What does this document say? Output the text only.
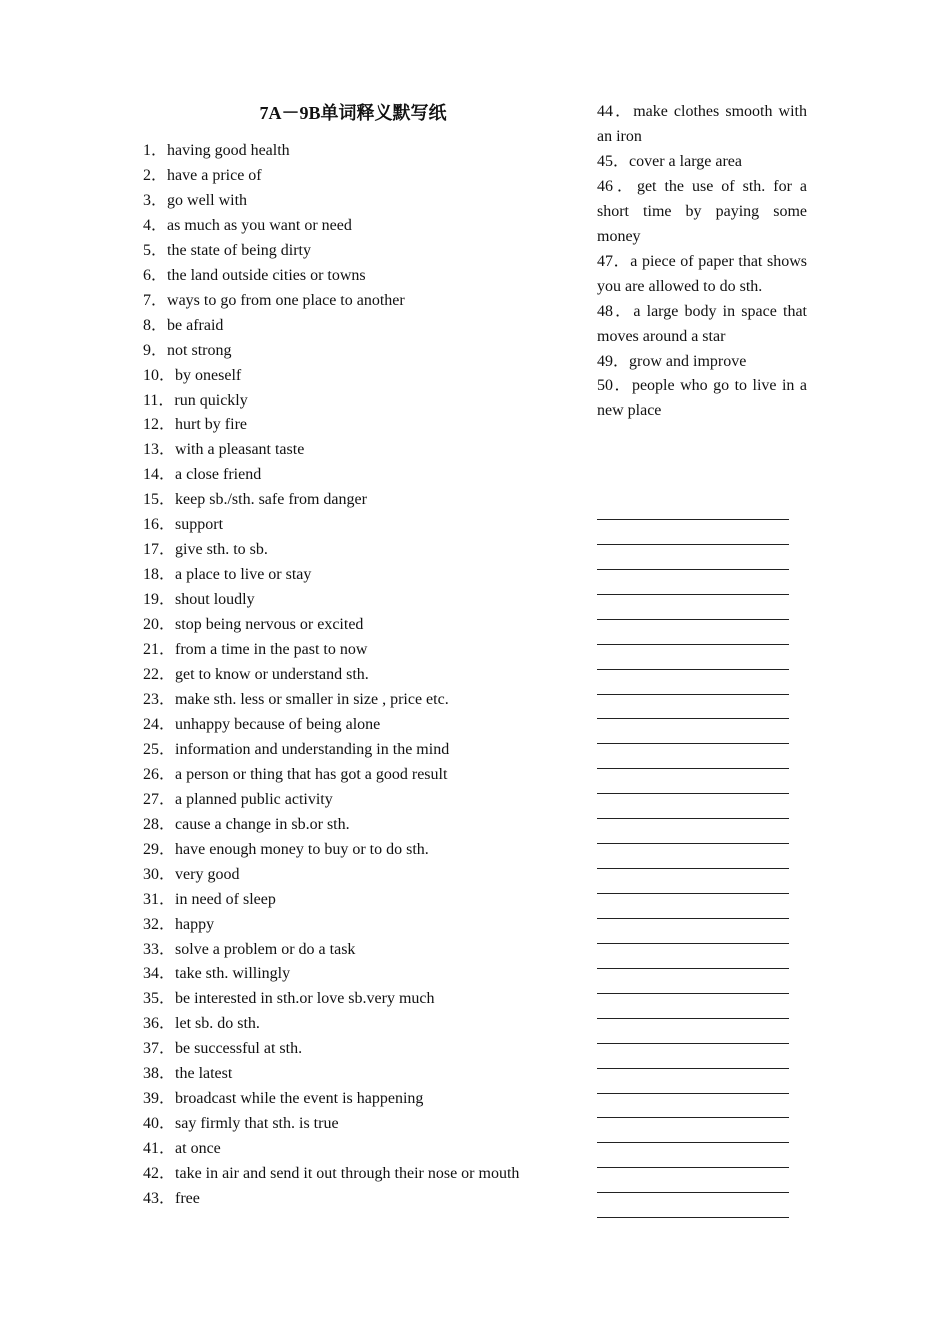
7A－9B单词释义默写纸
1．having good health
2．have a price of
3．go well with
4．as much as you want or need
5．the state of being dirty
6．the land outside cities or towns
7．ways to go from one place to another
8．be afraid
9．not strong
10．by oneself
11．run quickly
12．hurt by fire
13．with a pleasant taste
14．a close friend
15．keep sb./sth. safe from danger
16．support
17．give sth. to sb.
18．a place to live or stay
19．shout loudly
20．stop being nervous or excited
21．from a time in the past to now
22．get to know or understand sth.
23．make sth. less or smaller in size , price etc.
24．unhappy because of being alone
25．information and understanding in the mind
26．a person or thing that has got a good result
27．a planned public activity
28．cause a change in sb.or sth.
29．have enough money to buy or to do sth.
30．very good
31．in need of sleep
32．happy
33．solve a problem or do a task
34．take sth. willingly
35．be interested in sth.or love sb.very much
36．let sb. do sth.
37．be successful at sth.
38．the latest
39．broadcast while the event is happening
40．say firmly that sth. is true
41．at once
42．take in air and send it out through their nose or mouth
43．free
44．make clothes smooth with an iron
45．cover a large area
46．get the use of sth. for a short time by paying some money
47．a piece of paper that shows you are allowed to do sth.
48．a large body in space that moves around a star
49．grow and improve
50．people who go to live in a new place
